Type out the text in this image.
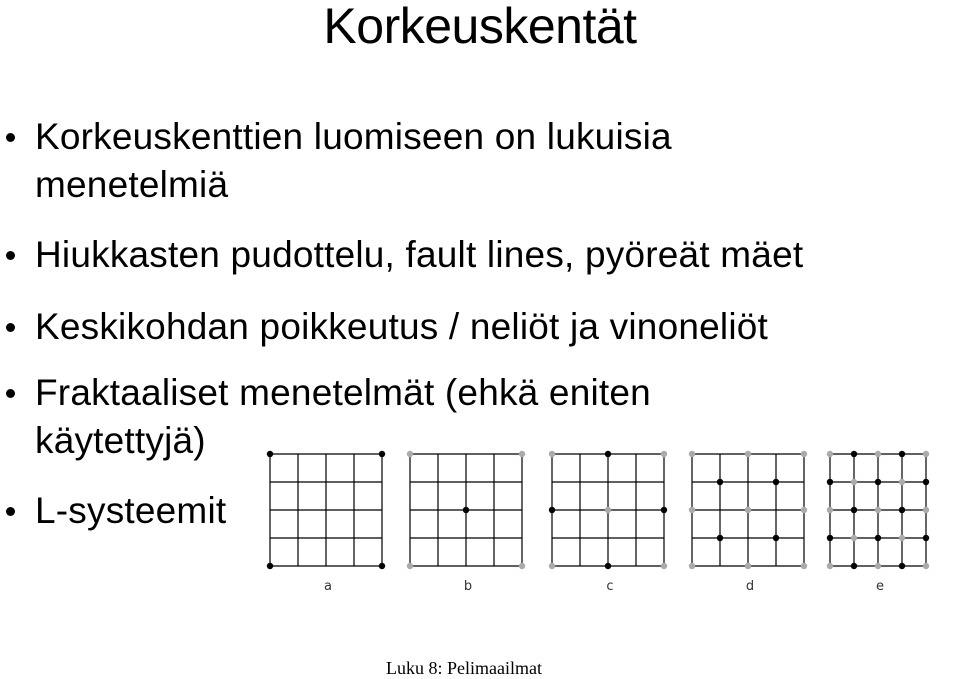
Korkeuskentät
Korkeuskenttien luomiseen on lukuisia
menetelmiä
Hiukkasten pudottelu, fault lines, pyöreät mäet
Keskikohdan poikkeutus / neliöt ja vinoneliöt
Fraktaaliset menetelmät (ehkä eniten
käytettyjä)
L-systeemit
a	b	c	d	e
Luku 8: Pelimaailmat
